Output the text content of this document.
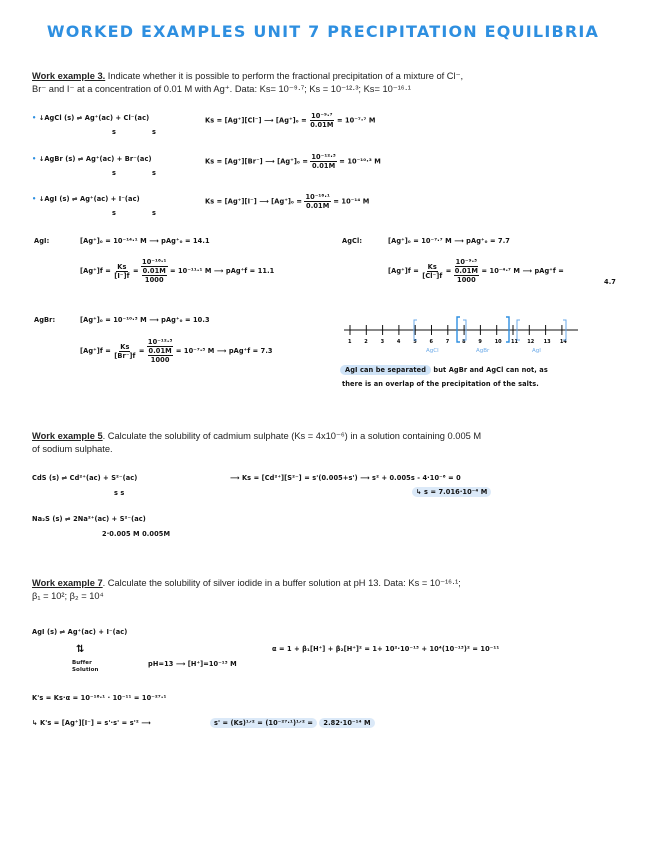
WORKED EXAMPLES UNIT 7 PRECIPITATION EQUILIBRIA
Work example 3. Indicate whether it is possible to perform the fractional precipitation of a mixture of Cl⁻, Br⁻ and I⁻ at a concentration of 0.01 M with Ag⁺. Data: Ks= 10⁻⁹·⁷; Ks = 10⁻¹²·³; Ks= 10⁻¹⁶·¹
• ↓AgCl (s) ⇌ Ag⁺(ac) + Cl⁻(ac)
s	s
Ks = [Ag⁺][Cl⁻] ⟶ $[Ag^+]_0 = \frac{\text{10⁻⁹·⁷}}{0.01M} = 10^{-7}\cdot^7$ M
• ↓AgBr (s) ⇌ Ag⁺(ac) + Br⁻(ac)
s	s
Ks = [Ag⁺][Br⁻] ⟶ $[Ag^+]_0 = \frac{\text{10⁻¹²·³}}{0.01M} = 10^{-10}\cdot^3$ M
• ↓AgI (s) ⇌ Ag⁺(ac) + I⁻(ac)
s	s
Ks = [Ag⁺][I⁻] ⟶ $[Ag^+]_0 = \frac{\text{10⁻¹⁶·¹}}{0.01M} = 10^{-14}$ M
AgI:	[Ag⁺]₀ = 10⁻¹⁴·¹ M ⟶ pAg⁺₀ = 14.1
$[Ag^+]f = \frac{Ks}{[I^-]f}$ =
10⁻¹⁶·¹
0.01M
1000
= 10⁻¹¹·¹ M ⟶ pAg⁺f = 11.1
AgCl:	[Ag⁺]₀ = 10⁻⁷·⁷ M ⟶ pAg⁺₀ = 7.7
$[Ag^+]f = \frac{Ks}{[Cl^-]f}$ =
10⁻⁹·³
0.01M
1000
= 10⁻⁴·⁷ M ⟶ pAg⁺f =
4.7
AgBr:	[Ag⁺]₀ = 10⁻¹⁰·³ M ⟶ pAg⁺₀ = 10.3
$[Ag^+]f = \frac{Ks}{[Br^-]f}$ =
10⁻¹²·³
0.01M
1000
= 10⁻⁷·³ M ⟶ pAg⁺f = 7.3
1	2	3	4	5	6	7	8	9	10 11 12 13 14
AgCl	AgBr	AgI
AgI can be separated but AgBr and AgCl can not, as
there is an overlap of the precipitation of the salts.
Work example 5. Calculate the solubility of cadmium sulphate (Ks = 4x10⁻⁶) in a solution containing 0.005 M of sodium sulphate.
CdS (s) ⇌ Cd²⁺(ac) + S²⁻(ac)
s s
⟶ Ks = [Cd²⁺][S²⁻] = s'(0.005+s') ⟶ s² + 0.005s - 4·10⁻⁶ = 0
↳ s = 7.016·10⁻⁴ M
Na₂S (s) ⇌ 2Na²⁺(ac) + S²⁻(ac)
2·0.005 M 0.005M
Work example 7. Calculate the solubility of silver iodide in a buffer solution at pH 13. Data: Ks = 10⁻¹⁶·¹; β₁ = 10²; β₂ = 10⁴
AgI (s) ⇌ Ag⁺(ac) + I⁻(ac)
⇅
Buffer
Solution
pH=13 ⟶ [H⁺]=10⁻¹³ M
α = 1 + β₁[H⁺] + β₂[H⁺]² = 1+ 10²·10⁻¹³ + 10⁴(10⁻¹³)² = 10⁻¹¹
K's = Ks·α = 10⁻¹⁶·¹ · 10⁻¹¹ = 10⁻²⁷·¹
↳ K's = [Ag⁺][I⁻] = s'·s' = s'² ⟶	s' = (Ks)¹ᐟ² = (10⁻²⁷·¹)¹ᐟ² = 2.82·10⁻¹⁴ M
